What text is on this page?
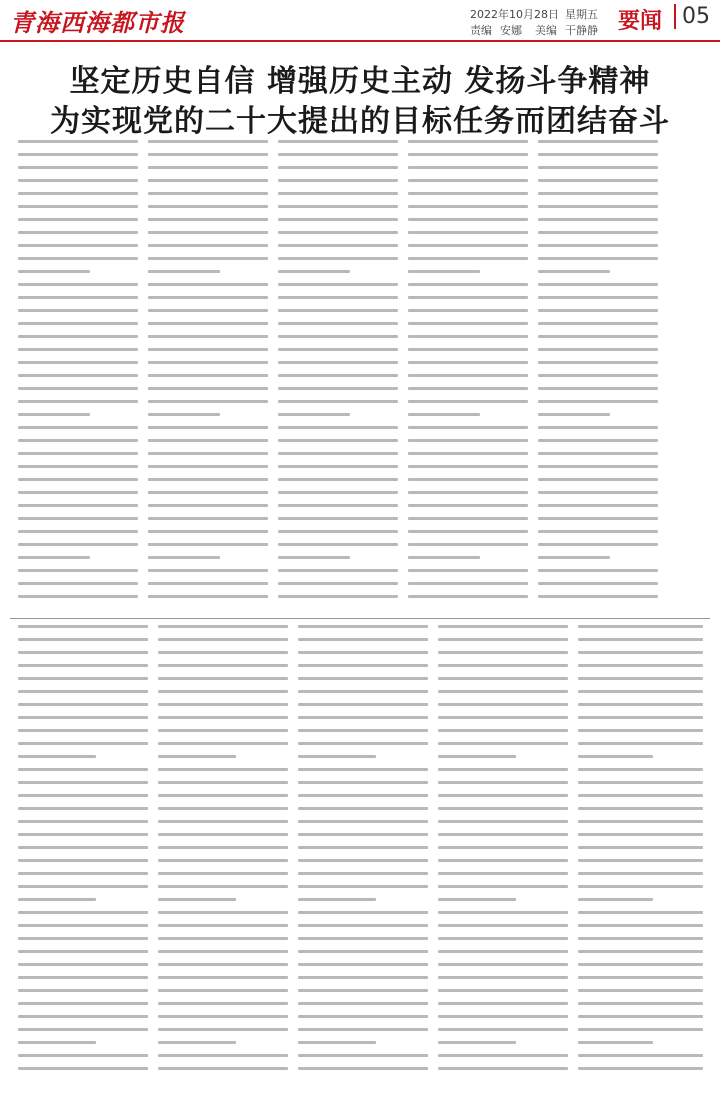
青海西海都市报	2022年10月28日 星期五
责编 安娜 美编 干静静 要闻 05
坚定历史自信 增强历史主动 发扬斗争精神
为实现党的二十大提出的目标任务而团结奋斗
